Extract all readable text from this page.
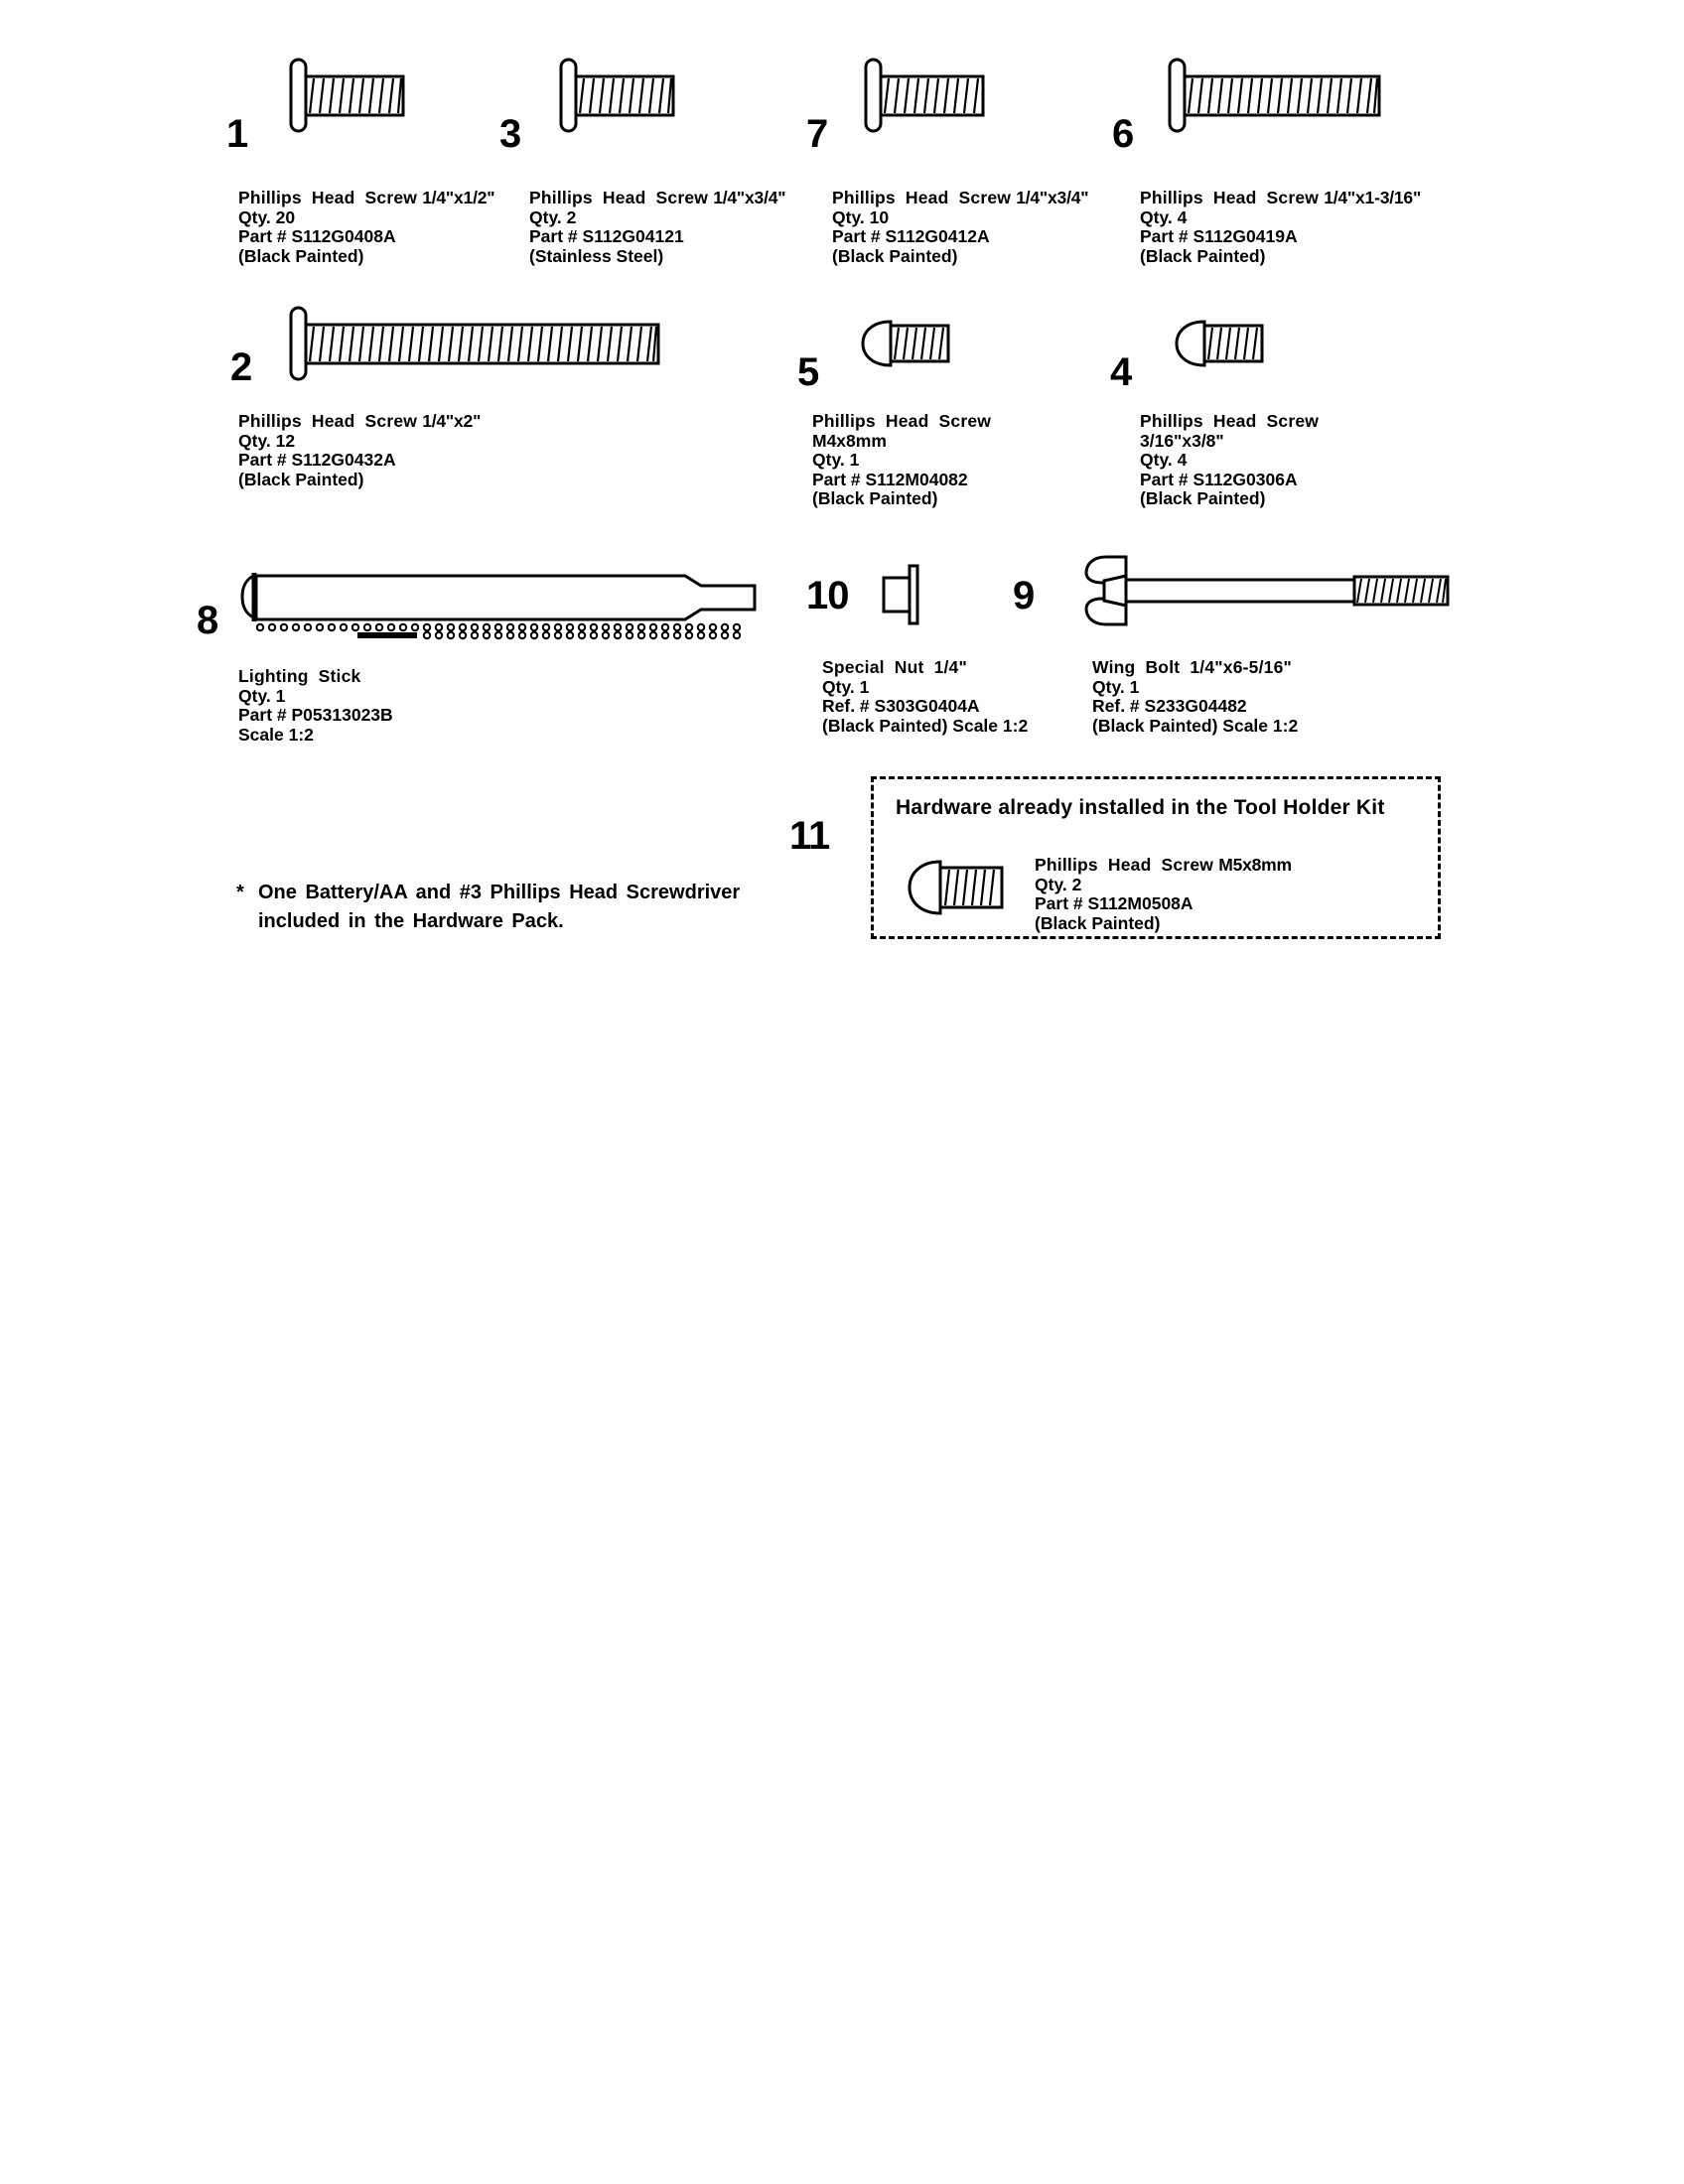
1
Phillips Head Screw 1/4"x1/2"
Qty. 20
Part # S112G0408A
(Black Painted)
3
Phillips Head Screw 1/4"x3/4"
Qty. 2
Part # S112G04121
(Stainless Steel)
7
Phillips Head Screw 1/4"x3/4"
Qty. 10
Part # S112G0412A
(Black Painted)
6
Phillips Head Screw 1/4"x1-3/16"
Qty. 4
Part # S112G0419A
(Black Painted)
2
Phillips Head Screw 1/4"x2"
Qty. 12
Part # S112G0432A
(Black Painted)
5
Phillips Head Screw
M4x8mm
Qty. 1
Part # S112M04082
(Black Painted)
4
Phillips Head Screw
3/16"x3/8"
Qty. 4
Part # S112G0306A
(Black Painted)
8
Lighting Stick
Qty. 1
Part # P05313023B
Scale 1:2
10
Special Nut 1/4"
Qty. 1
Ref. # S303G0404A
(Black Painted) Scale 1:2
9
Wing Bolt 1/4"x6-5/16"
Qty. 1
Ref. # S233G04482
(Black Painted) Scale 1:2
11
Hardware already installed in the Tool Holder Kit
Phillips Head Screw M5x8mm
Qty. 2
Part # S112M0508A
(Black Painted)
* One Battery/AA and #3 Phillips Head Screwdriver
included in the Hardware Pack.
